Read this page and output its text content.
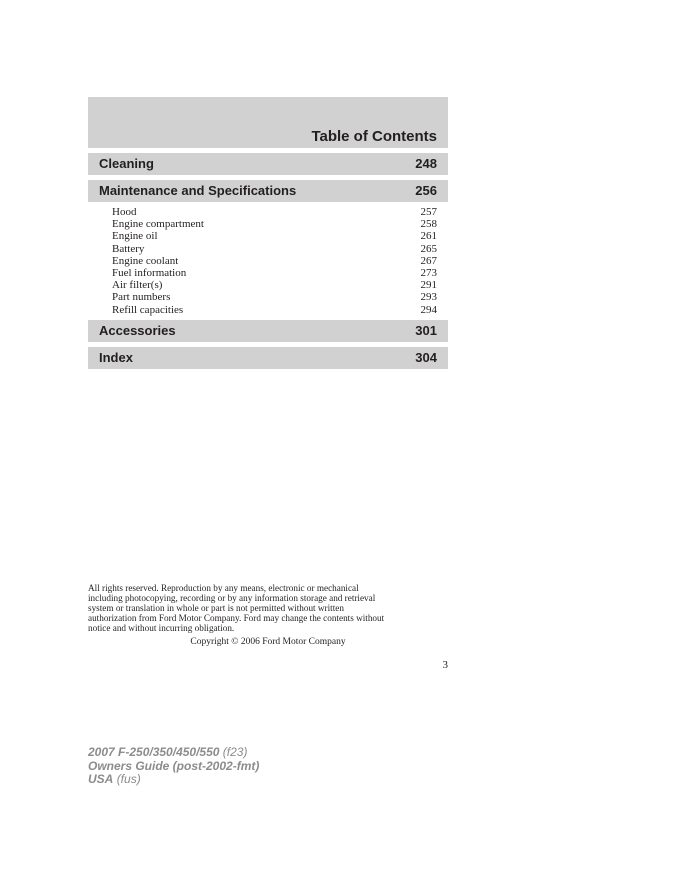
Table of Contents
Cleaning	248
Maintenance and Specifications	256
Hood	257
Engine compartment	258
Engine oil	261
Battery	265
Engine coolant	267
Fuel information	273
Air filter(s)	291
Part numbers	293
Refill capacities	294
Accessories	301
Index	304
All rights reserved. Reproduction by any means, electronic or mechanical
including photocopying, recording or by any information storage and retrieval
system or translation in whole or part is not permitted without written
authorization from Ford Motor Company. Ford may change the contents without
notice and without incurring obligation.
Copyright © 2006 Ford Motor Company
3
2007 F-250/350/450/550 (f23)
Owners Guide (post-2002-fmt)
USA (fus)
